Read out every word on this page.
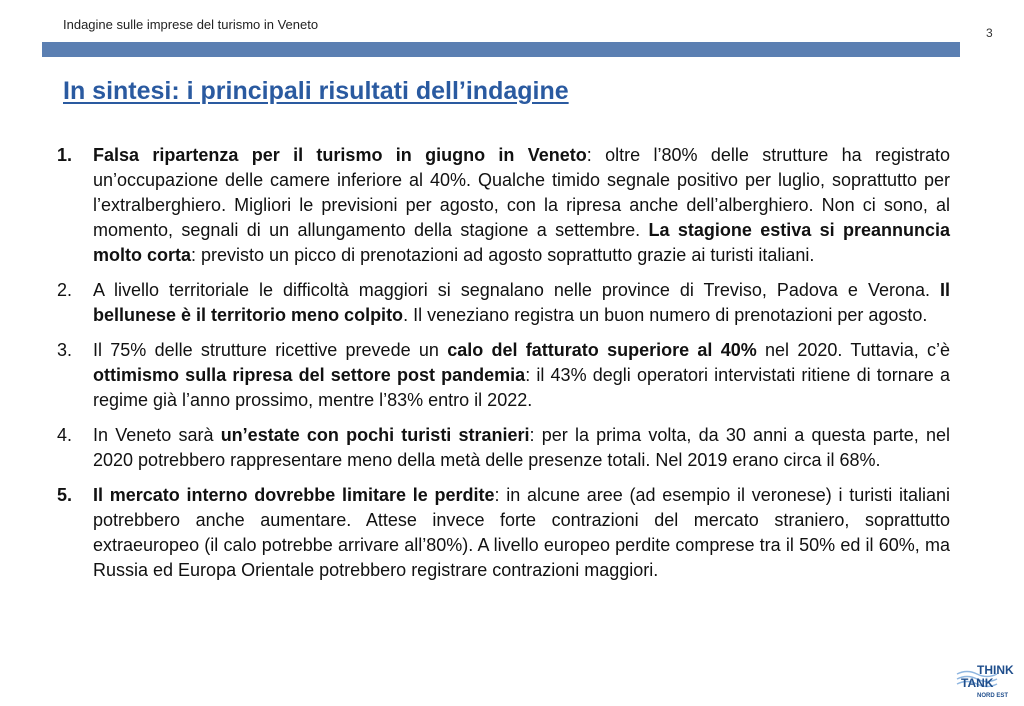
Indagine sulle imprese del turismo in Veneto
3
In sintesi: i principali risultati dell’indagine
1.	Falsa ripartenza per il turismo in giugno in Veneto: oltre l’80% delle strutture ha registrato un’occupazione delle camere inferiore al 40%. Qualche timido segnale positivo per luglio, soprattutto per l’extralberghiero. Migliori le previsioni per agosto, con la ripresa anche dell’alberghiero. Non ci sono, al momento, segnali di un allungamento della stagione a settembre. La stagione estiva si preannuncia molto corta: previsto un picco di prenotazioni ad agosto soprattutto grazie ai turisti italiani.
2.	A livello territoriale le difficoltà maggiori si segnalano nelle province di Treviso, Padova e Verona. Il bellunese è il territorio meno colpito. Il veneziano registra un buon numero di prenotazioni per agosto.
3.	Il 75% delle strutture ricettive prevede un calo del fatturato superiore al 40% nel 2020. Tuttavia, c’è ottimismo sulla ripresa del settore post pandemia: il 43% degli operatori intervistati ritiene di tornare a regime già l’anno prossimo, mentre l’83% entro il 2022.
4.	In Veneto sarà un’estate con pochi turisti stranieri: per la prima volta, da 30 anni a questa parte, nel 2020 potrebbero rappresentare meno della metà delle presenze totali. Nel 2019 erano circa il 68%.
5.	Il mercato interno dovrebbe limitare le perdite: in alcune aree (ad esempio il veronese) i turisti italiani potrebbero anche aumentare. Attese invece forte contrazioni del mercato straniero, soprattutto extraeuropeo (il calo potrebbe arrivare all’80%). A livello europeo perdite comprese tra il 50% ed il 60%, ma Russia ed Europa Orientale potrebbero registrare contrazioni maggiori.
THINK
TANK
NORD EST
